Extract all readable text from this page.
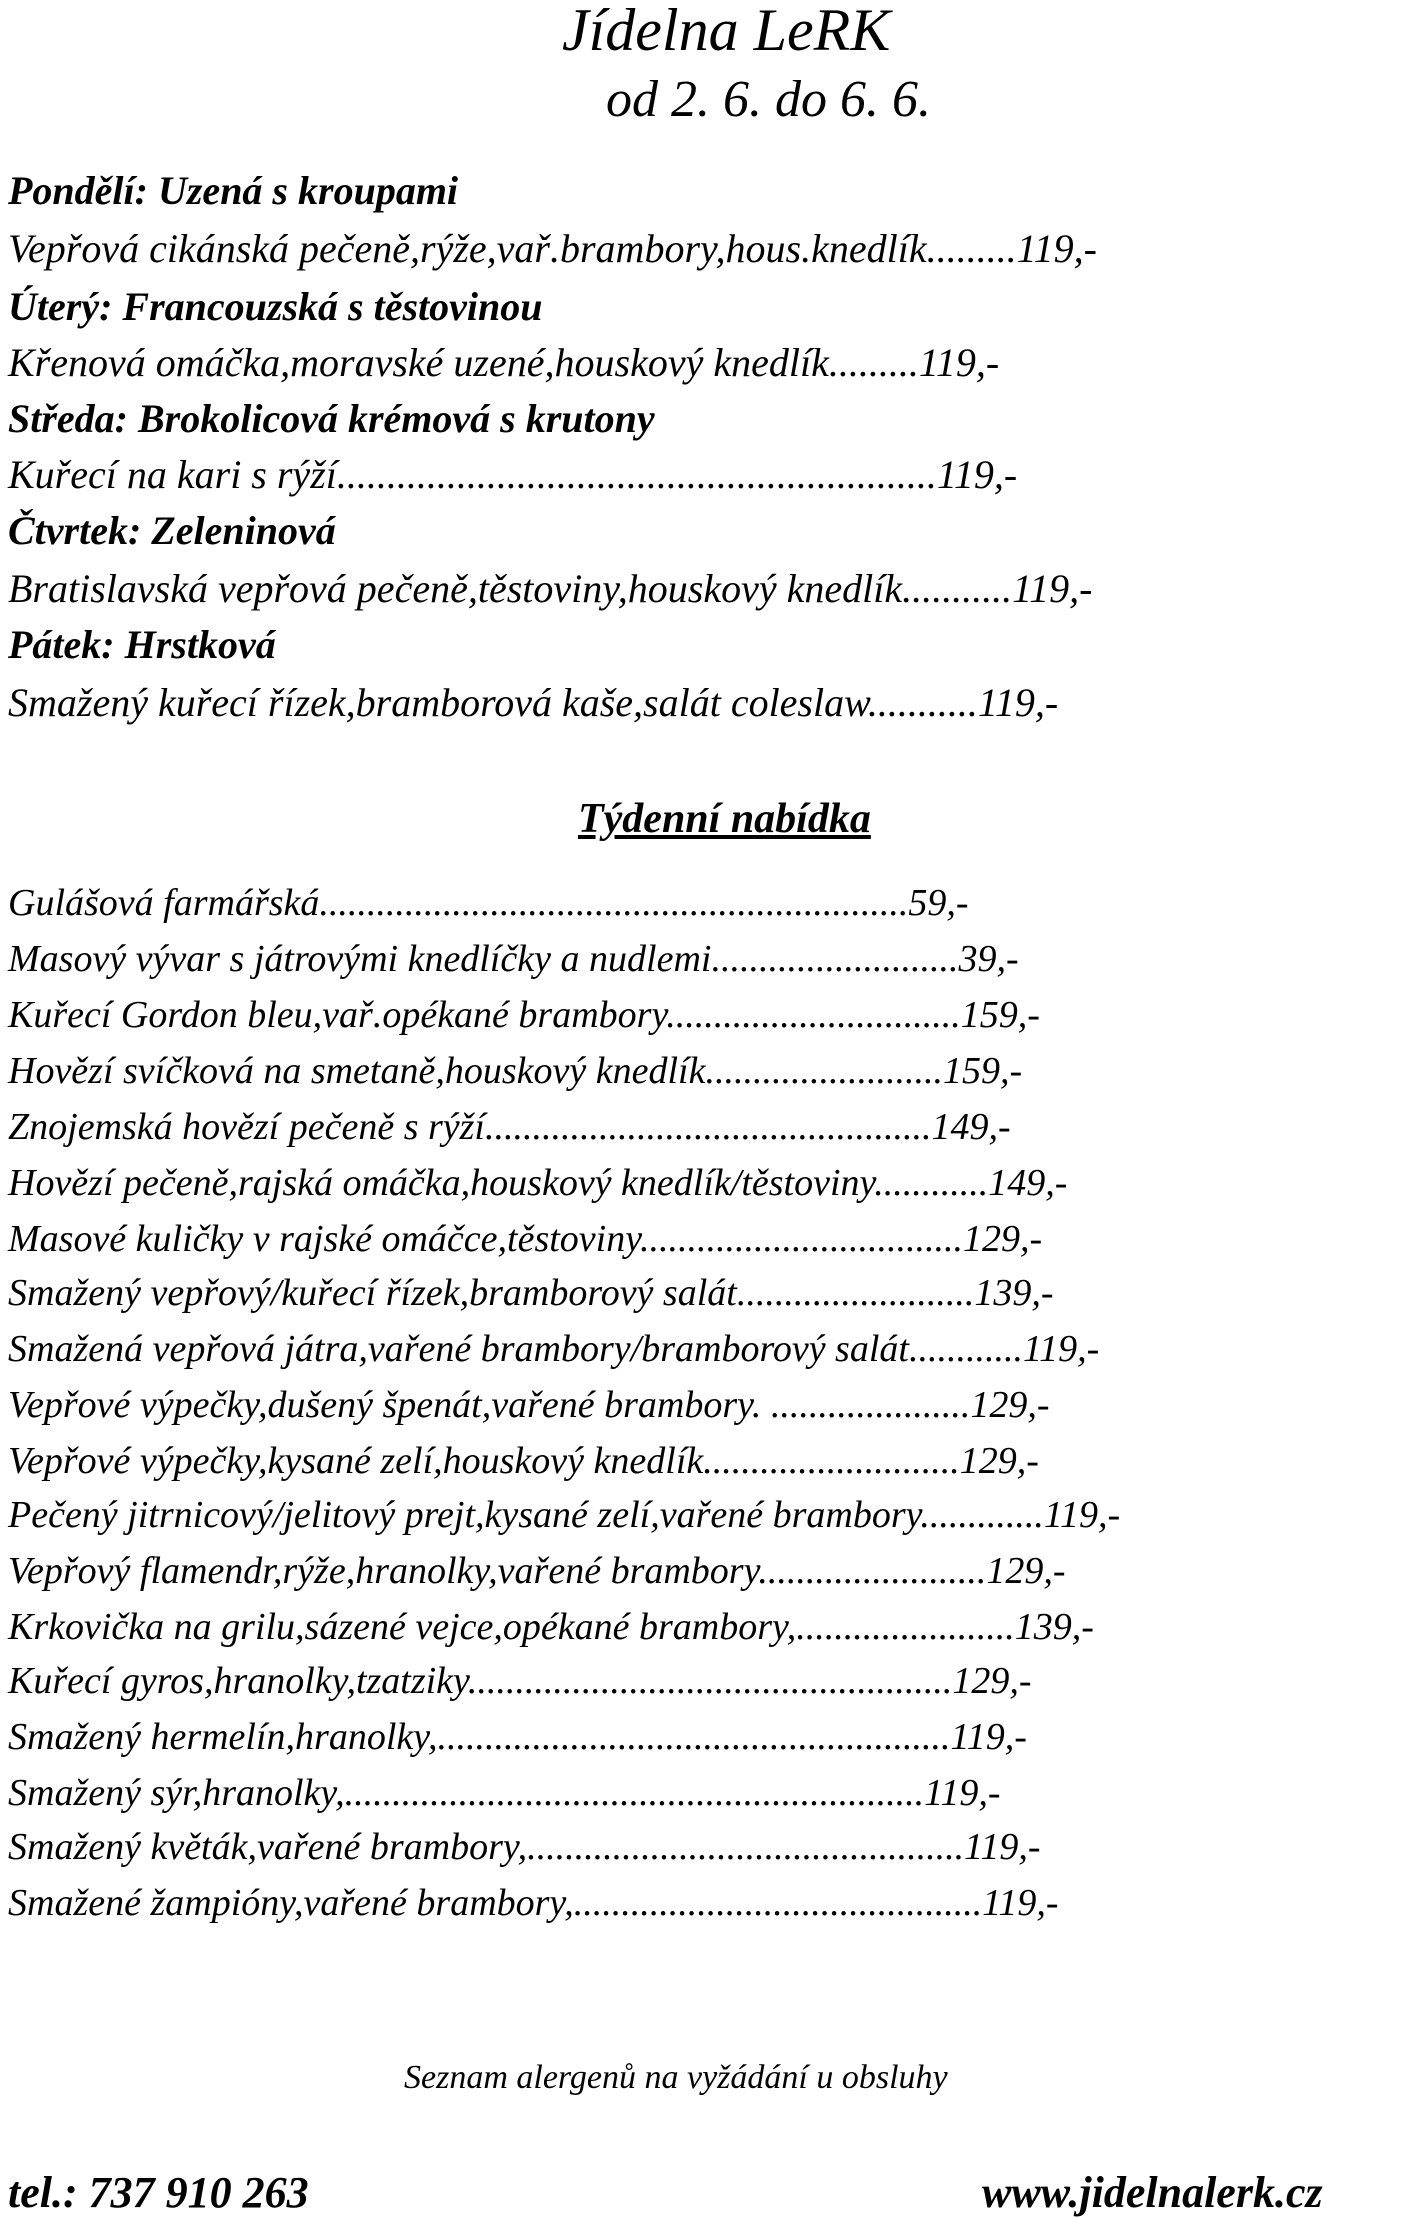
Jídelna LeRK
od 2. 6. do 6. 6.
Pondělí: Uzená s kroupami
Vepřová cikánská pečeně,rýže,vař.brambory,hous.knedlík.........119,-
Úterý: Francouzská s těstovinou
Křenová omáčka,moravské uzené,houskový knedlík.........119,-
Středa: Brokolicová krémová s krutony
Kuřecí na kari s rýží............................................................119,-
Čtvrtek: Zeleninová
Bratislavská vepřová pečeně,těstoviny,houskový knedlík...........119,-
Pátek: Hrstková
Smažený kuřecí řízek,bramborová kaše,salát coleslaw...........119,-
Týdenní nabídka
Gulášová farmářská..............................................................59,-
Masový vývar s játrovými knedlíčky a nudlemi..........................39,-
Kuřecí Gordon bleu,vař.opékané brambory...............................159,-
Hovězí svíčková na smetaně,houskový knedlík.........................159,-
Znojemská hovězí pečeně s rýží...............................................149,-
Hovězí pečeně,rajská omáčka,houskový knedlík/těstoviny............149,-
Masové kuličky v rajské omáčce,těstoviny..................................129,-
Smažený vepřový/kuřecí řízek,bramborový salát.........................139,-
Smažená vepřová játra,vařené brambory/bramborový salát............119,-
Vepřové výpečky,dušený špenát,vařené brambory. .....................129,-
Vepřové výpečky,kysané zelí,houskový knedlík...........................129,-
Pečený jitrnicový/jelitový prejt,kysané zelí,vařené brambory.............119,-
Vepřový flamendr,rýže,hranolky,vařené brambory........................129,-
Krkovička na grilu,sázené vejce,opékané brambory,.......................139,-
Kuřecí gyros,hranolky,tzatziky...................................................129,-
Smažený hermelín,hranolky,......................................................119,-
Smažený sýr,hranolky,.............................................................119,-
Smažený květák,vařené brambory,..............................................119,-
Smažené žampióny,vařené brambory,...........................................119,-
Seznam alergenů na vyžádání u obsluhy
tel.: 737 910 263	www.jidelnalerk.cz
